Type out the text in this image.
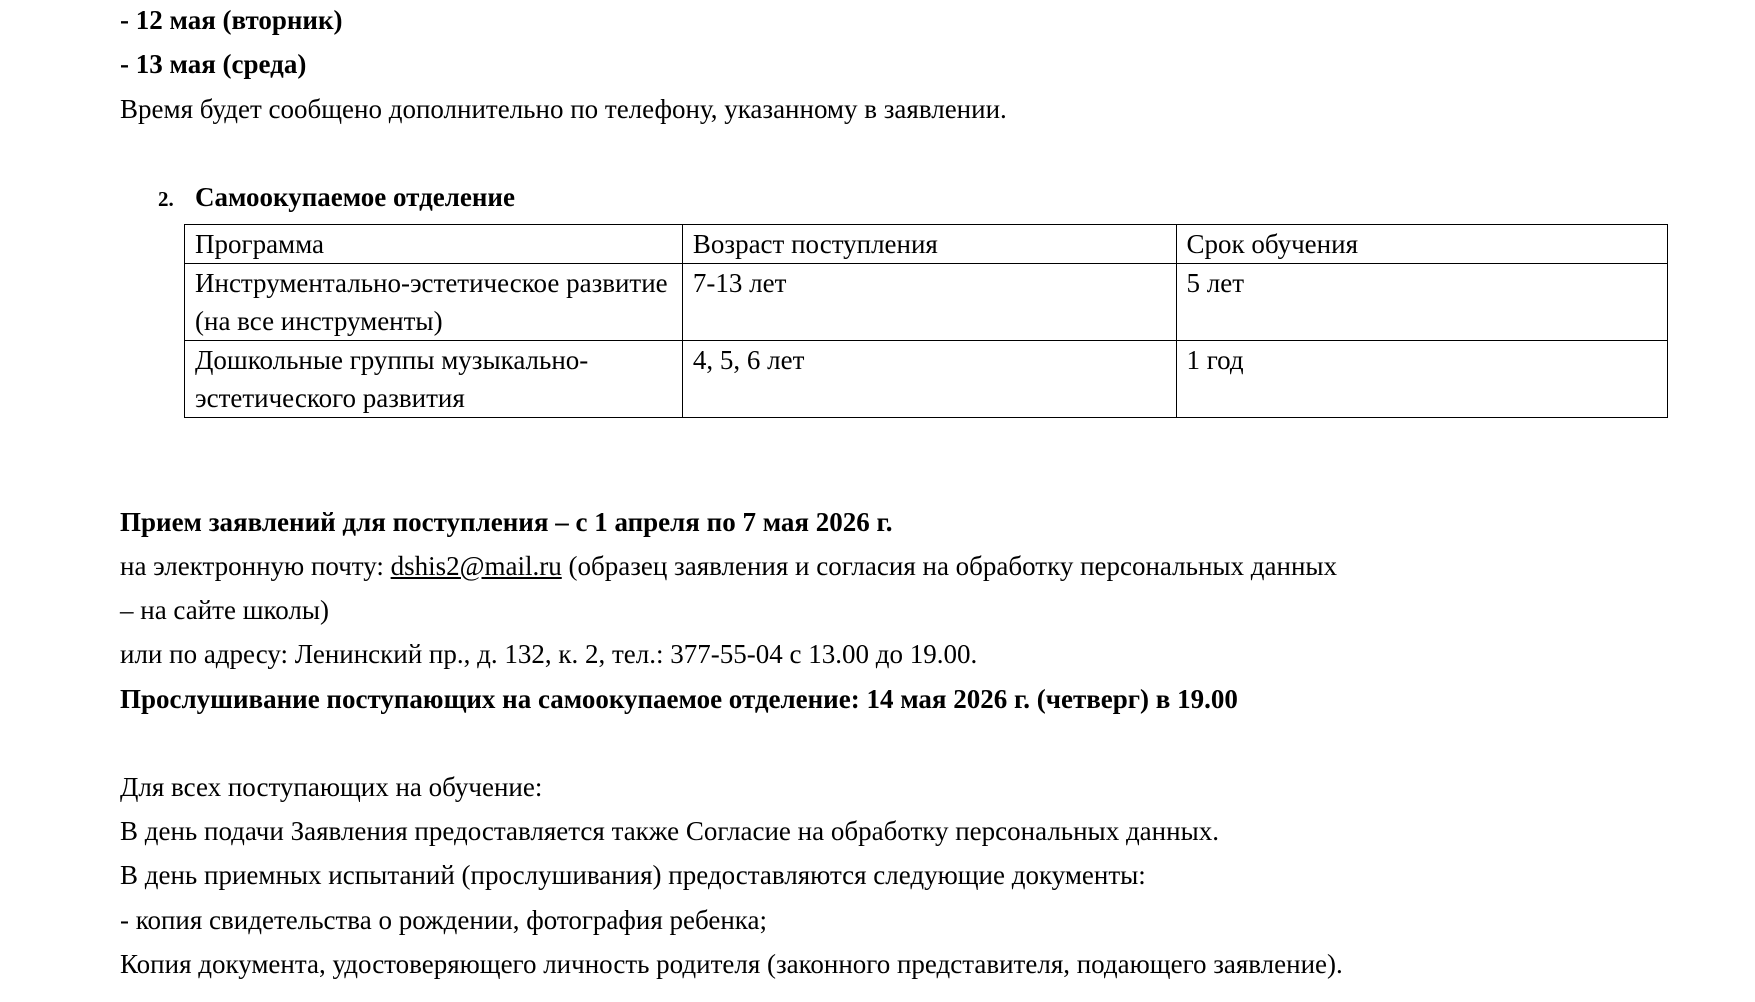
- 12 мая (вторник)
- 13 мая (среда)
Время будет сообщено дополнительно по телефону, указанному в заявлении.
2. Самоокупаемое отделение
Программа	Возраст поступления	Срок обучения
Инструментально-эстетическое развитие (на все инструменты)	7-13 лет	5 лет
Дошкольные группы музыкально-эстетического развития	4, 5, 6 лет	1 год
Прием заявлений для поступления – с 1 апреля по 7 мая 2026 г.
на электронную почту: dshis2@mail.ru (образец заявления и согласия на обработку персональных данных
– на сайте школы)
или по адресу: Ленинский пр., д. 132, к. 2, тел.: 377-55-04 с 13.00 до 19.00.
Прослушивание поступающих на самоокупаемое отделение: 14 мая 2026 г. (четверг) в 19.00
Для всех поступающих на обучение:
В день подачи Заявления предоставляется также Согласие на обработку персональных данных.
В день приемных испытаний (прослушивания) предоставляются следующие документы:
- копия свидетельства о рождении, фотография ребенка;
Копия документа, удостоверяющего личность родителя (законного представителя, подающего заявление).
